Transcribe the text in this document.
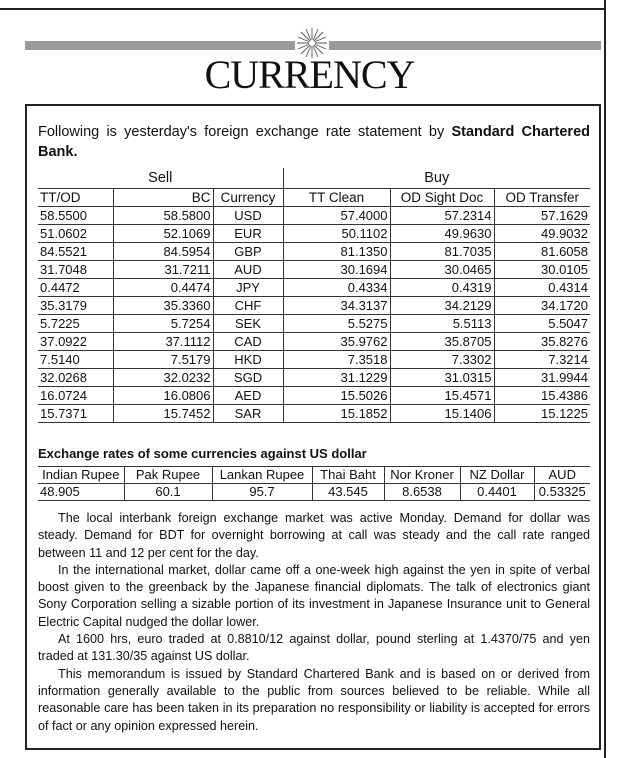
CURRENCY
Following is yesterday's foreign exchange rate statement by Standard Chartered Bank.
Sell			Buy		
TT/OD	BC	Currency	TT Clean	OD Sight Doc	OD Transfer
58.5500	58.5800	USD	57.4000	57.2314	57.1629
51.0602	52.1069	EUR	50.1102	49.9630	49.9032
84.5521	84.5954	GBP	81.1350	81.7035	81.6058
31.7048	31.7211	AUD	30.1694	30.0465	30.0105
0.4472	0.4474	JPY	0.4334	0.4319	0.4314
35.3179	35.3360	CHF	34.3137	34.2129	34.1720
5.7225	5.7254	SEK	5.5275	5.5113	5.5047
37.0922	37.1112	CAD	35.9762	35.8705	35.8276
7.5140	7.5179	HKD	7.3518	7.3302	7.3214
32.0268	32.0232	SGD	31.1229	31.0315	31.9944
16.0724	16.0806	AED	15.5026	15.4571	15.4386
15.7371	15.7452	SAR	15.1852	15.1406	15.1225
Exchange rates of some currencies against US dollar
Indian Rupee	Pak Rupee	Lankan Rupee	Thai Baht	Nor Kroner	NZ Dollar	AUD
48.905	60.1	95.7	43.545	8.6538	0.4401	0.53325

The local interbank foreign exchange market was active Monday. Demand for dollar was steady. Demand for BDT for overnight borrowing at call was steady and the call rate ranged between 11 and 12 per cent for the day.

In the international market, dollar came off a one-week high against the yen in spite of verbal boost given to the greenback by the Japanese financial diplomats. The talk of electronics giant Sony Corporation selling a sizable portion of its investment in Japanese Insurance unit to General Electric Capital nudged the dollar lower.

At 1600 hrs, euro traded at 0.8810/12 against dollar, pound sterling at 1.4370/75 and yen traded at 131.30/35 against US dollar.

This memorandum is issued by Standard Chartered Bank and is based on or derived from information generally available to the public from sources believed to be reliable. While all reasonable care has been taken in its preparation no responsibility or liability is accepted for errors of fact or any opinion expressed herein.
